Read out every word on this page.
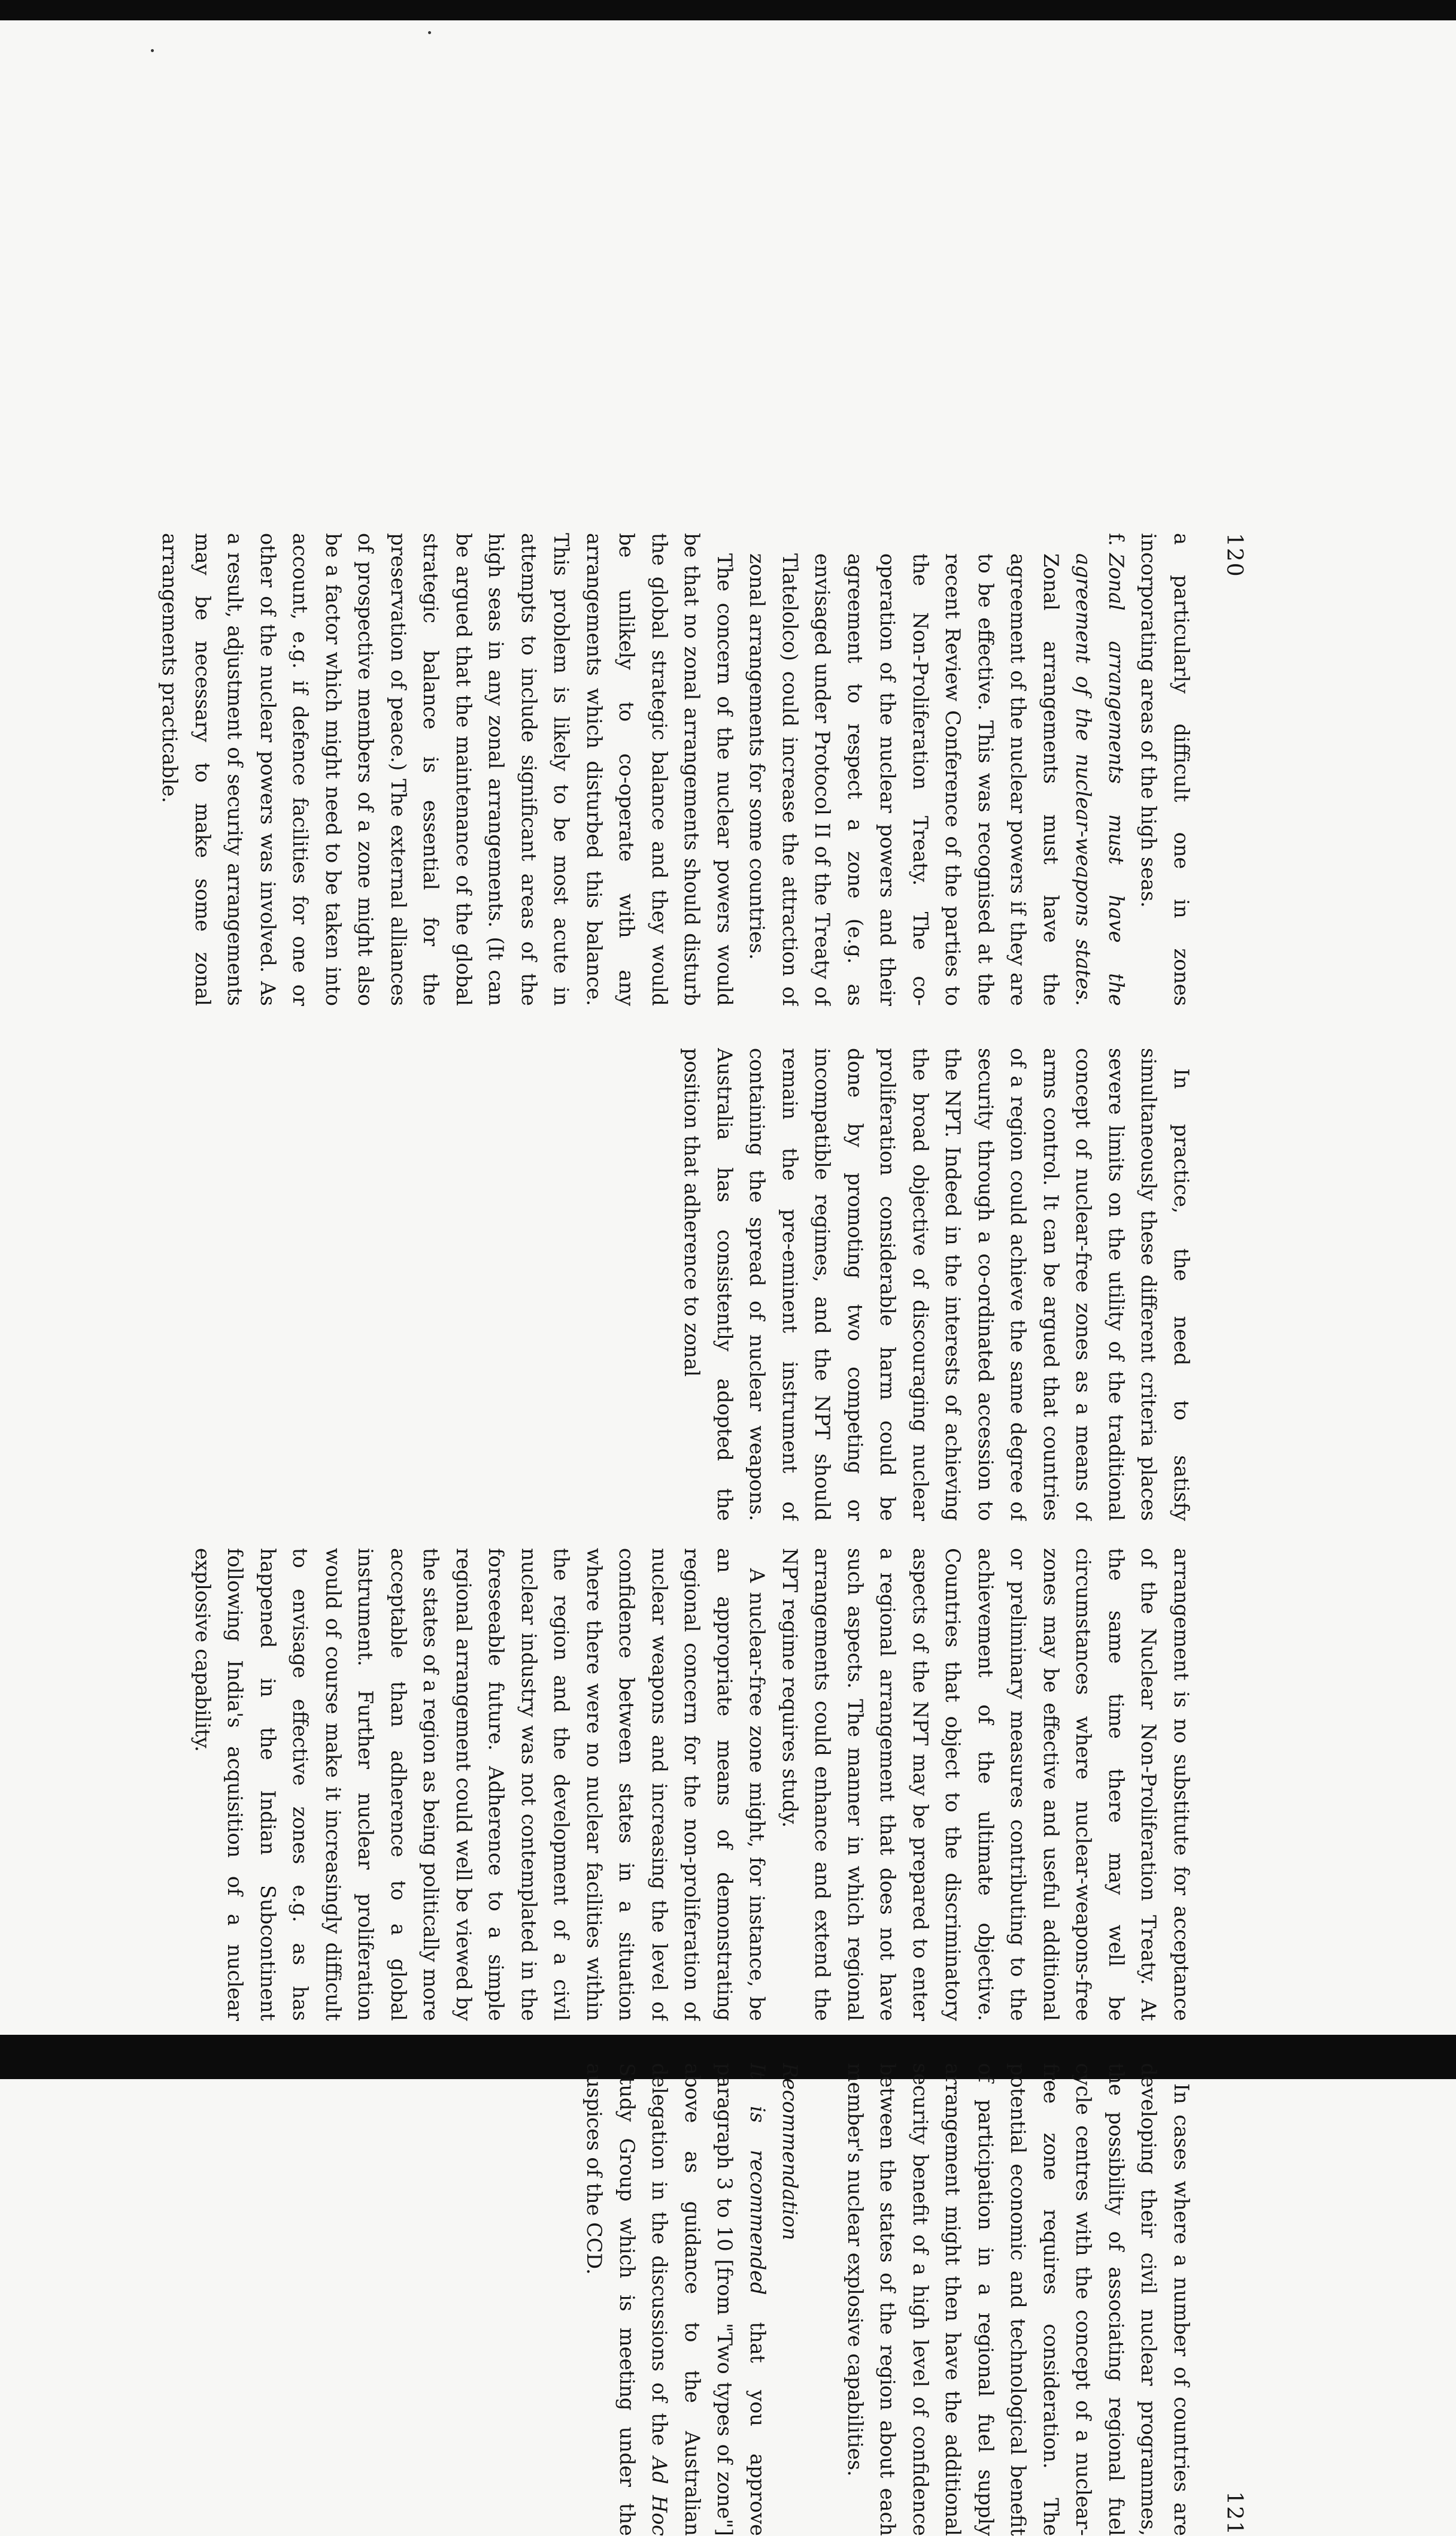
120

a particularly difficult one in zones incorporating areas of the high seas.

f.
Zonal arrangements must have the agreement of the nuclear-weapons states. Zonal arrangements must have the agreement of the nuclear powers if they are to be effective. This was recognised at the recent Review Conference of the parties to the Non-Proliferation Treaty. The co-operation of the nuclear powers and their agreement to respect a zone (e.g. as envisaged under Protocol II of the Treaty of Tlatelolco) could increase the attraction of zonal arrangements for some countries.

The concern of the nuclear powers would be that no zonal arrangements should disturb the global strategic balance and they would be unlikely to co-operate with any arrangements which disturbed this balance. This problem is likely to be most acute in attempts to include significant areas of the high seas in any zonal arrangements. (It can be argued that the maintenance of the global strategic balance is essential for the preservation of peace.) The external alliances of prospective members of a zone might also be a factor which might need to be taken into account, e.g. if defence facilities for one or other of the nuclear powers was involved. As a result, adjustment of security arrangements may be necessary to make some zonal arrangements practicable.

In practice, the need to satisfy simultaneously these different criteria places severe limits on the utility of the traditional concept of nuclear-free zones as a means of arms control. It can be argued that countries of a region could achieve the same degree of security through a co-ordinated accession to the NPT. Indeed in the interests of achieving the broad objective of discouraging nuclear proliferation considerable harm could be done by promoting two competing or incompatible regimes, and the NPT should remain the pre-eminent instrument of containing the spread of nuclear weapons. Australia has consistently adopted the position that adherence to zonal

121

arrangement is no substitute for acceptance of the Nuclear Non-Proliferation Treaty. At the same time there may well be circumstances where nuclear-weapons-free zones may be effective and useful additional or preliminary measures contributing to the achievement of the ultimate objective. Countries that object to the discriminatory aspects of the NPT may be prepared to enter a regional arrangement that does not have such aspects. The manner in which regional arrangements could enhance and extend the NPT regime requires study.

A nuclear-free zone might, for instance, be an appropriate means of demonstrating regional concern for the non-proliferation of nuclear weapons and increasing the level of confidence between states in a situation where there were no nuclear facilities within the region and the development of a civil nuclear industry was not contemplated in the foreseeable future. Adherence to a simple regional arrangement could well be viewed by the states of a region as being politically more acceptable than adherence to a global instrument. Further nuclear proliferation would of course make it increasingly difficult to envisage effective zones e.g. as has happened in the Indian Subcontinent following India's acquisition of a nuclear explosive capability.

In cases where a number of countries are developing their civil nuclear programmes, the possibility of associating regional fuel cycle centres with the concept of a nuclear-free zone requires consideration. The potential economic and technological benefit of participation in a regional fuel supply arrangement might then have the additional security benefit of a high level of confidence between the states of the region about each member's nuclear explosive capabilities.

Recommendation

It is recommended that you approve paragraph 3 to 10 [from "Two types of zone"] above as guidance to the Australian delegation in the discussions of the Ad Hoc Study Group which is meeting under the auspices of the CCD.
